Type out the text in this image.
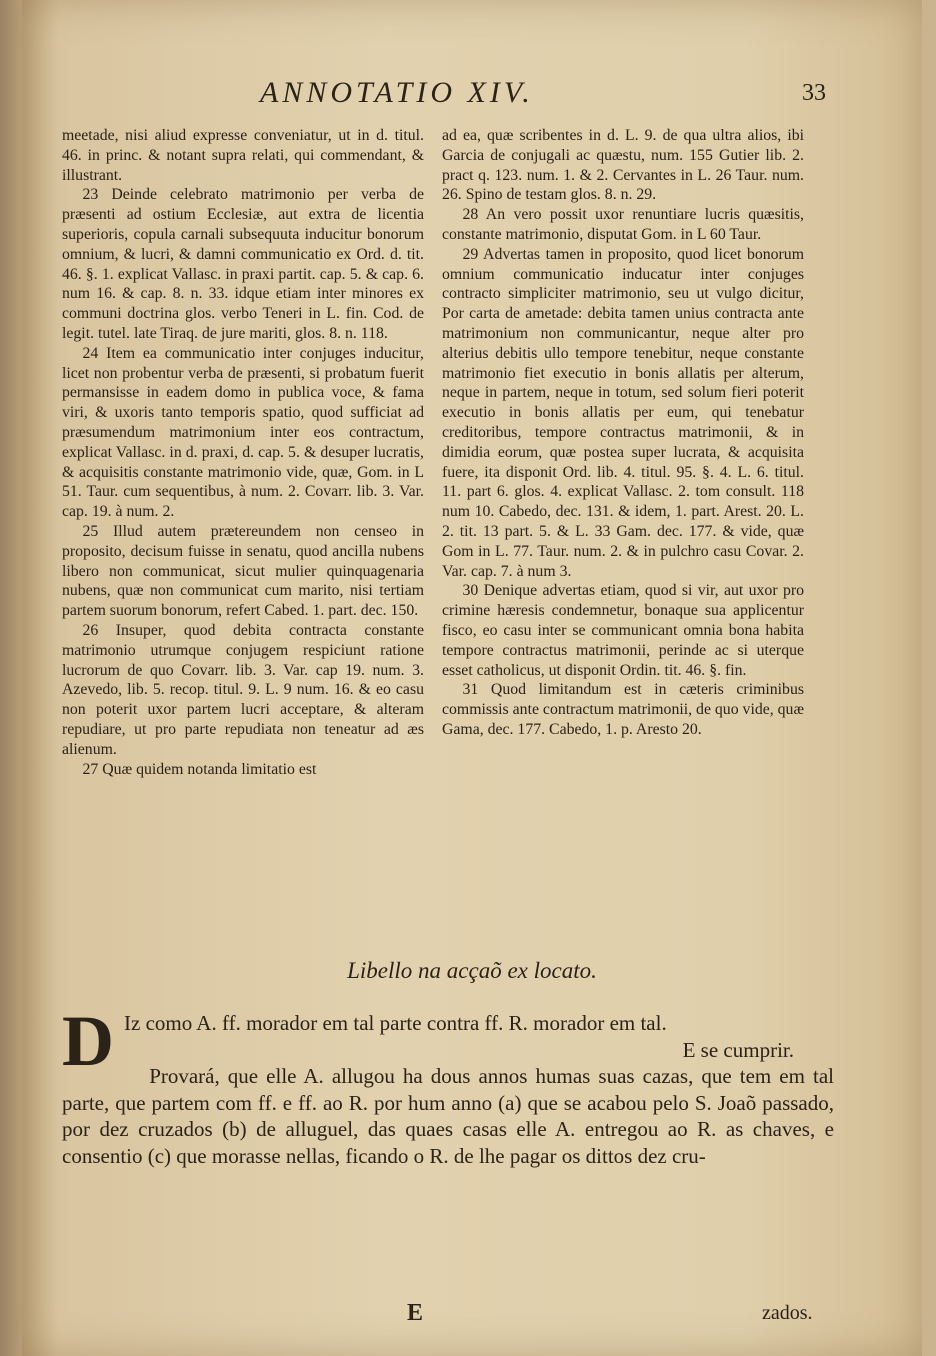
ANNOTATIO XIV.	33

meetade, nisi aliud expresse conveniatur, ut in d. titul. 46. in princ. & notant supra relati, qui commendant, & illustrant.

23 Deinde celebrato matrimonio per verba de præsenti ad ostium Ecclesiæ, aut extra de licentia superioris, copula carnali subsequuta inducitur bonorum omnium, & lucri, & damni communicatio ex Ord. d. tit. 46. §. 1. explicat Vallasc. in praxi partit. cap. 5. & cap. 6. num 16. & cap. 8. n. 33. idque etiam inter minores ex communi doctrina glos. verbo Teneri in L. fin. Cod. de legit. tutel. late Tiraq. de jure mariti, glos. 8. n. 118.

24 Item ea communicatio inter conjuges inducitur, licet non probentur verba de præsenti, si probatum fuerit permansisse in eadem domo in publica voce, & fama viri, & uxoris tanto temporis spatio, quod sufficiat ad præsumendum matrimonium inter eos contractum, explicat Vallasc. in d. praxi, d. cap. 5. & desuper lucratis, & acquisitis constante matrimonio vide, quæ, Gom. in L 51. Taur. cum sequentibus, à num. 2. Covarr. lib. 3. Var. cap. 19. à num. 2.

25 Illud autem prætereundem non censeo in proposito, decisum fuisse in senatu, quod ancilla nubens libero non communicat, sicut mulier quinquagenaria nubens, quæ non communicat cum marito, nisi tertiam partem suorum bonorum, refert Cabed. 1. part. dec. 150.

26 Insuper, quod debita contracta constante matrimonio utrumque conjugem respiciunt ratione lucrorum de quo Covarr. lib. 3. Var. cap 19. num. 3. Azevedo, lib. 5. recop. titul. 9. L. 9 num. 16. & eo casu non poterit uxor partem lucri acceptare, & alteram repudiare, ut pro parte repudiata non teneatur ad æs alienum.

27 Quæ quidem notanda limitatio est

ad ea, quæ scribentes in d. L. 9. de qua ultra alios, ibi Garcia de conjugali ac quæstu, num. 155 Gutier lib. 2. pract q. 123. num. 1. & 2. Cervantes in L. 26 Taur. num. 26. Spino de testam glos. 8. n. 29.

28 An vero possit uxor renuntiare lucris quæsitis, constante matrimonio, disputat Gom. in L 60 Taur.

29 Advertas tamen in proposito, quod licet bonorum omnium communicatio inducatur inter conjuges contracto simpliciter matrimonio, seu ut vulgo dicitur, Por carta de ametade: debita tamen unius contracta ante matrimonium non communicantur, neque alter pro alterius debitis ullo tempore tenebitur, neque constante matrimonio fiet executio in bonis allatis per alterum, neque in partem, neque in totum, sed solum fieri poterit executio in bonis allatis per eum, qui tenebatur creditoribus, tempore contractus matrimonii, & in dimidia eorum, quæ postea super lucrata, & acquisita fuere, ita disponit Ord. lib. 4. titul. 95. §. 4. L. 6. titul. 11. part 6. glos. 4. explicat Vallasc. 2. tom consult. 118 num 10. Cabedo, dec. 131. & idem, 1. part. Arest. 20. L. 2. tit. 13 part. 5. & L. 33 Gam. dec. 177. & vide, quæ Gom in L. 77. Taur. num. 2. & in pulchro casu Covar. 2. Var. cap. 7. à num 3.

30 Denique advertas etiam, quod si vir, aut uxor pro crimine hæresis condemnetur, bonaque sua applicentur fisco, eo casu inter se communicant omnia bona habita tempore contractus matrimonii, perinde ac si uterque esset catholicus, ut disponit Ordin. tit. 46. §. fin.

31 Quod limitandum est in cæteris criminibus commissis ante contractum matrimonii, de quo vide, quæ Gama, dec. 177. Cabedo, 1. p. Aresto 20.

Libello na acçaõ ex locato.
D Iz como A. ff. morador em tal parte contra ff. R. morador em tal.
E se cumprir.

Provará, que elle A. allugou ha dous annos humas suas cazas, que tem em tal parte, que partem com ff. e ff. ao R. por hum anno (a) que se acabou pelo S. Joaõ passado, por dez cruzados (b) de alluguel, das quaes casas elle A. entregou ao R. as chaves, e consentio (c) que morasse nellas, ficando o R. de lhe pagar os dittos dez cru-

E	zados.
